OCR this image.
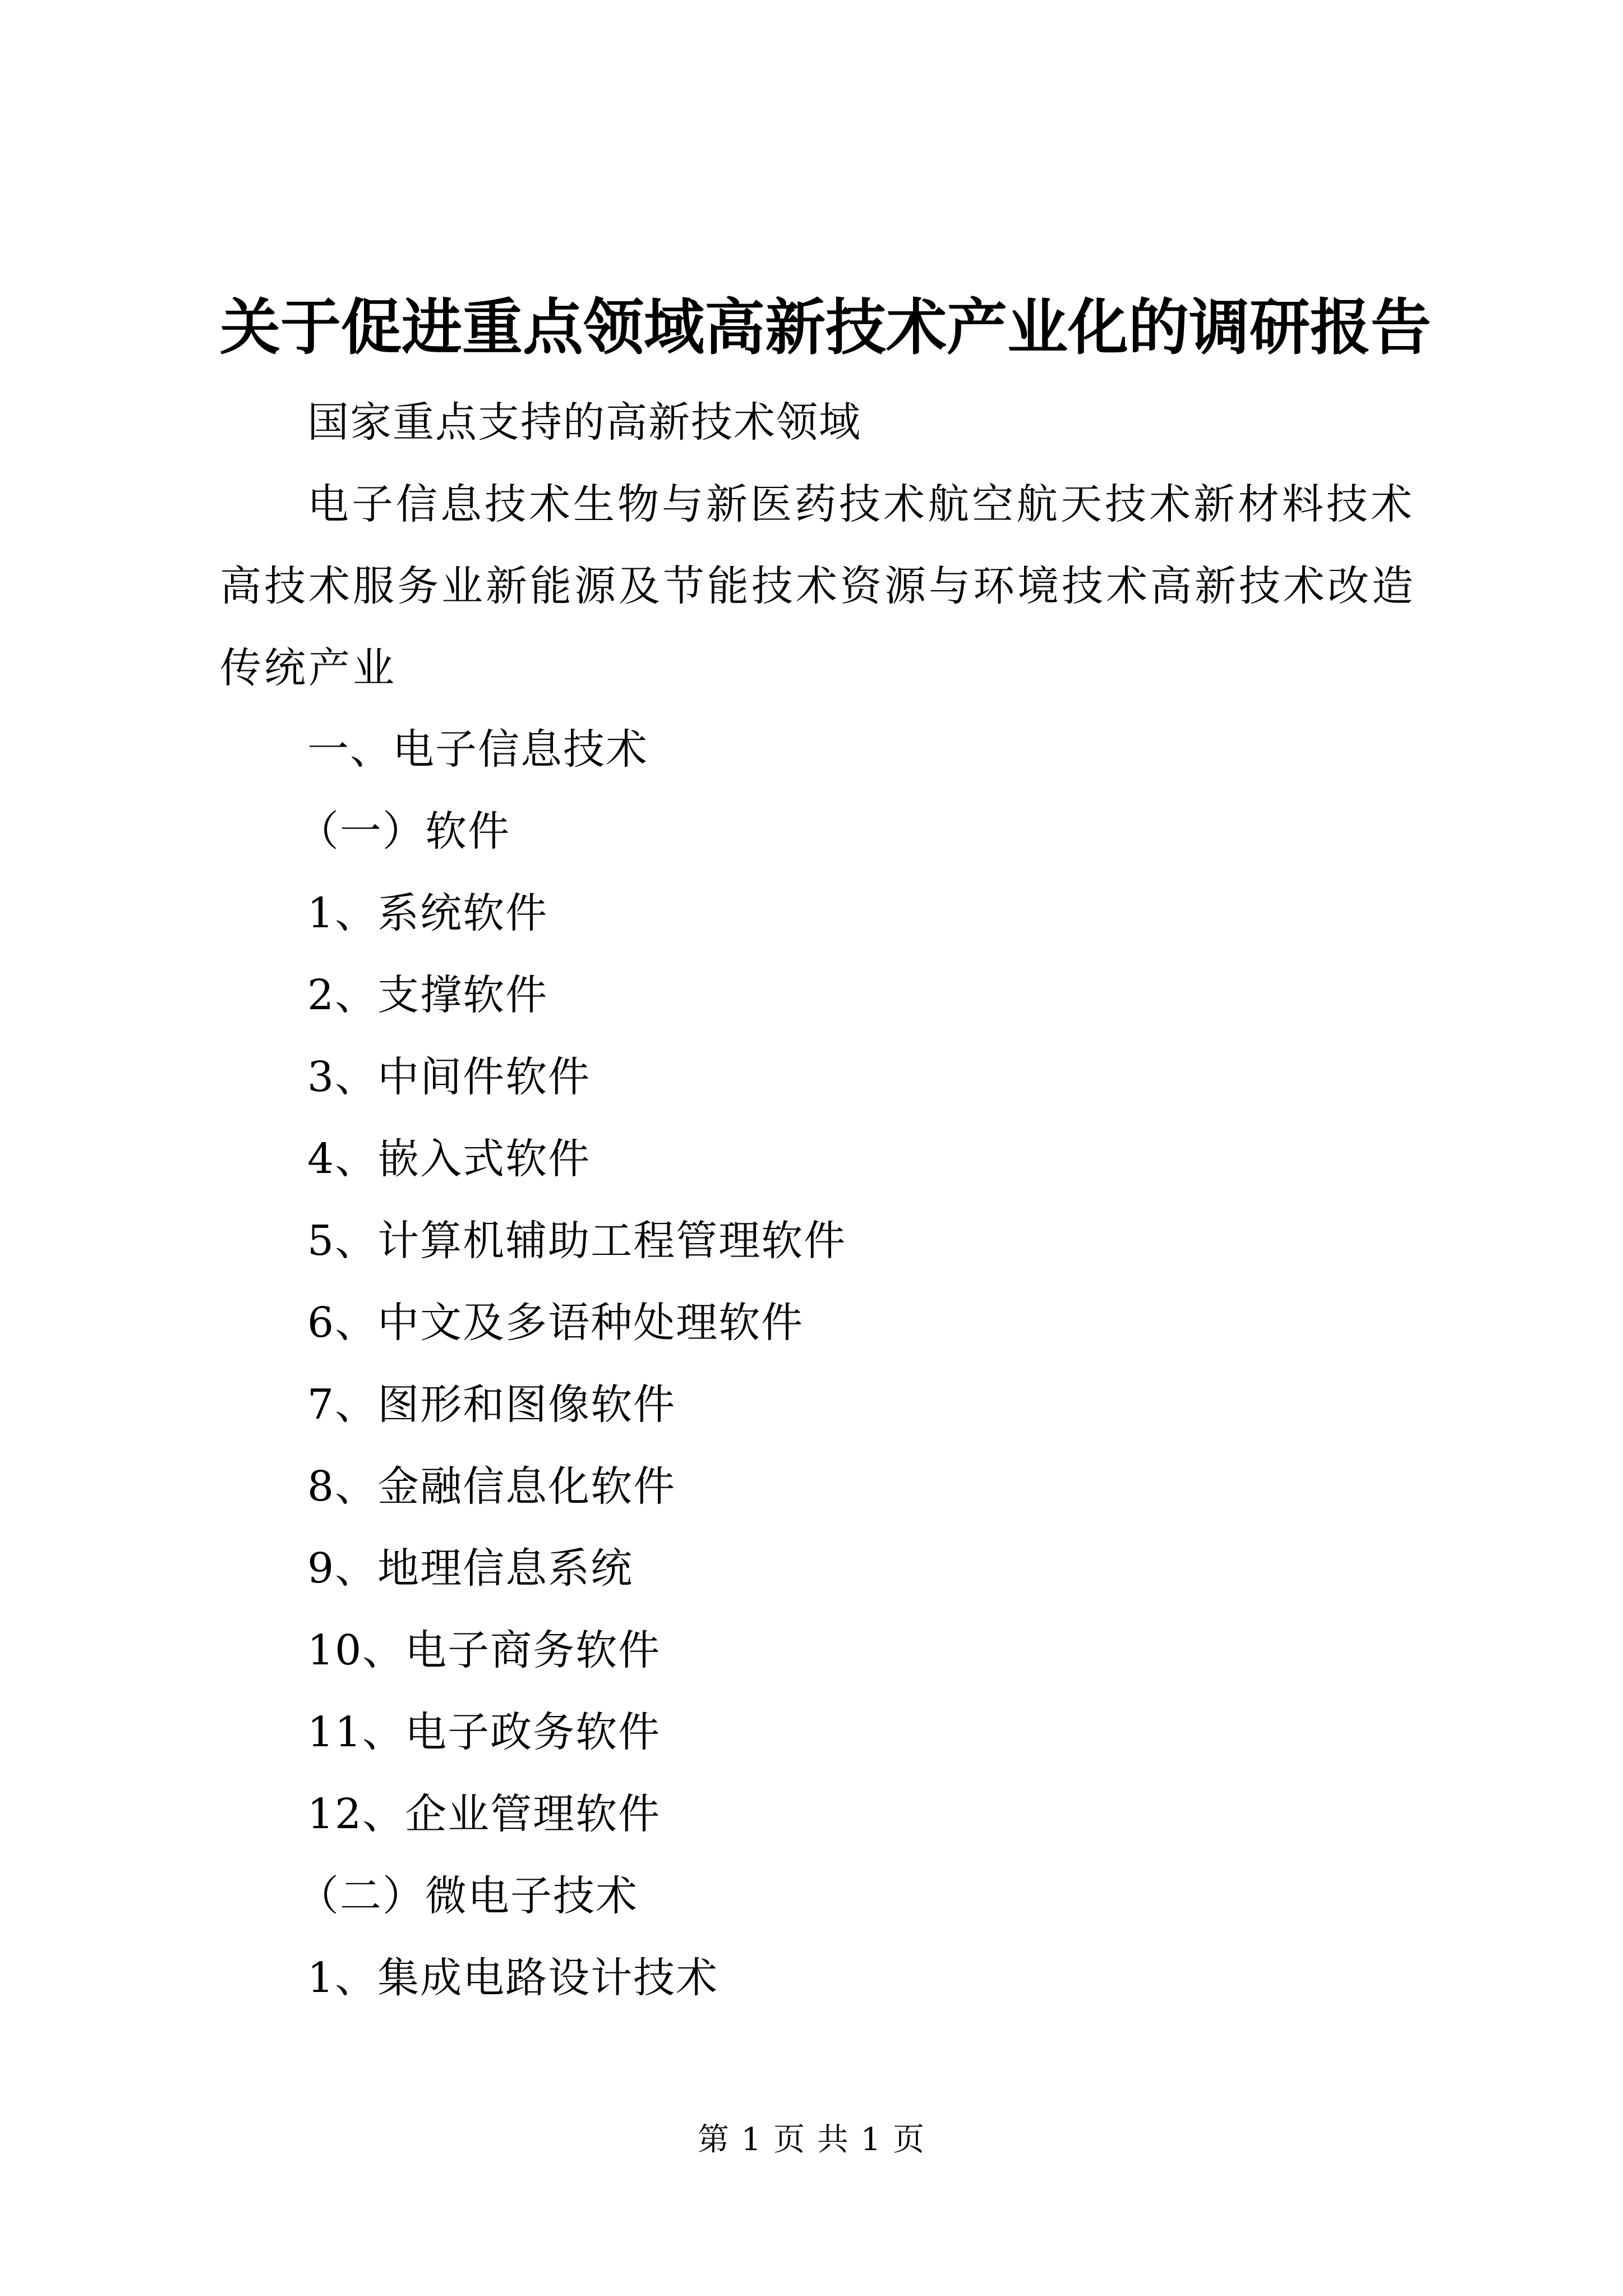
关于促进重点领域高新技术产业化的调研报告
国家重点支持的高新技术领域
电子信息技术生物与新医药技术航空航天技术新材料技术高技术服务业新能源及节能技术资源与环境技术高新技术改造传统产业
一、电子信息技术
（一）软件
1、系统软件
2、支撑软件
3、中间件软件
4、嵌入式软件
5、计算机辅助工程管理软件
6、中文及多语种处理软件
7、图形和图像软件
8、金融信息化软件
9、地理信息系统
10、电子商务软件
11、电子政务软件
12、企业管理软件
（二）微电子技术
1、集成电路设计技术
第 1 页 共 1 页
